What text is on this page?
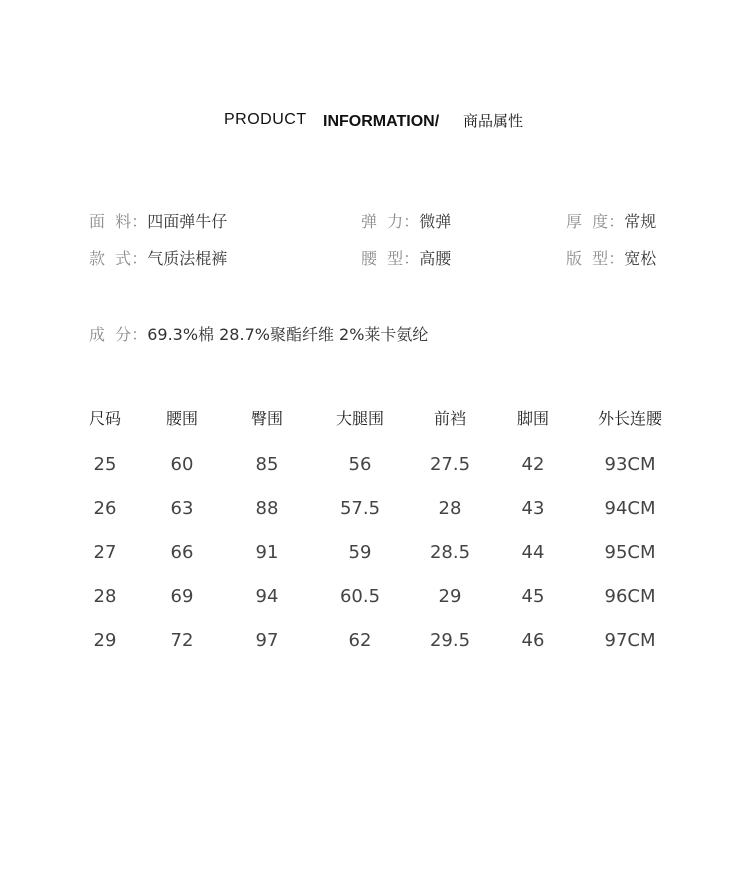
PRODUCT INFORMATION/ 商品属性
面  料：四面弹牛仔	弹  力：微弹	厚  度：常规
款  式：气质法棍裤	腰  型：高腰	版  型：宽松
成  分：69.3%棉 28.7%聚酯纤维 2%莱卡氨纶
尺码	腰围	臀围	大腿围	前裆	脚围	外长连腰
25	60	85	56	27.5	42	93CM
26	63	88	57.5	28	43	94CM
27	66	91	59	28.5	44	95CM
28	69	94	60.5	29	45	96CM
29	72	97	62	29.5	46	97CM
